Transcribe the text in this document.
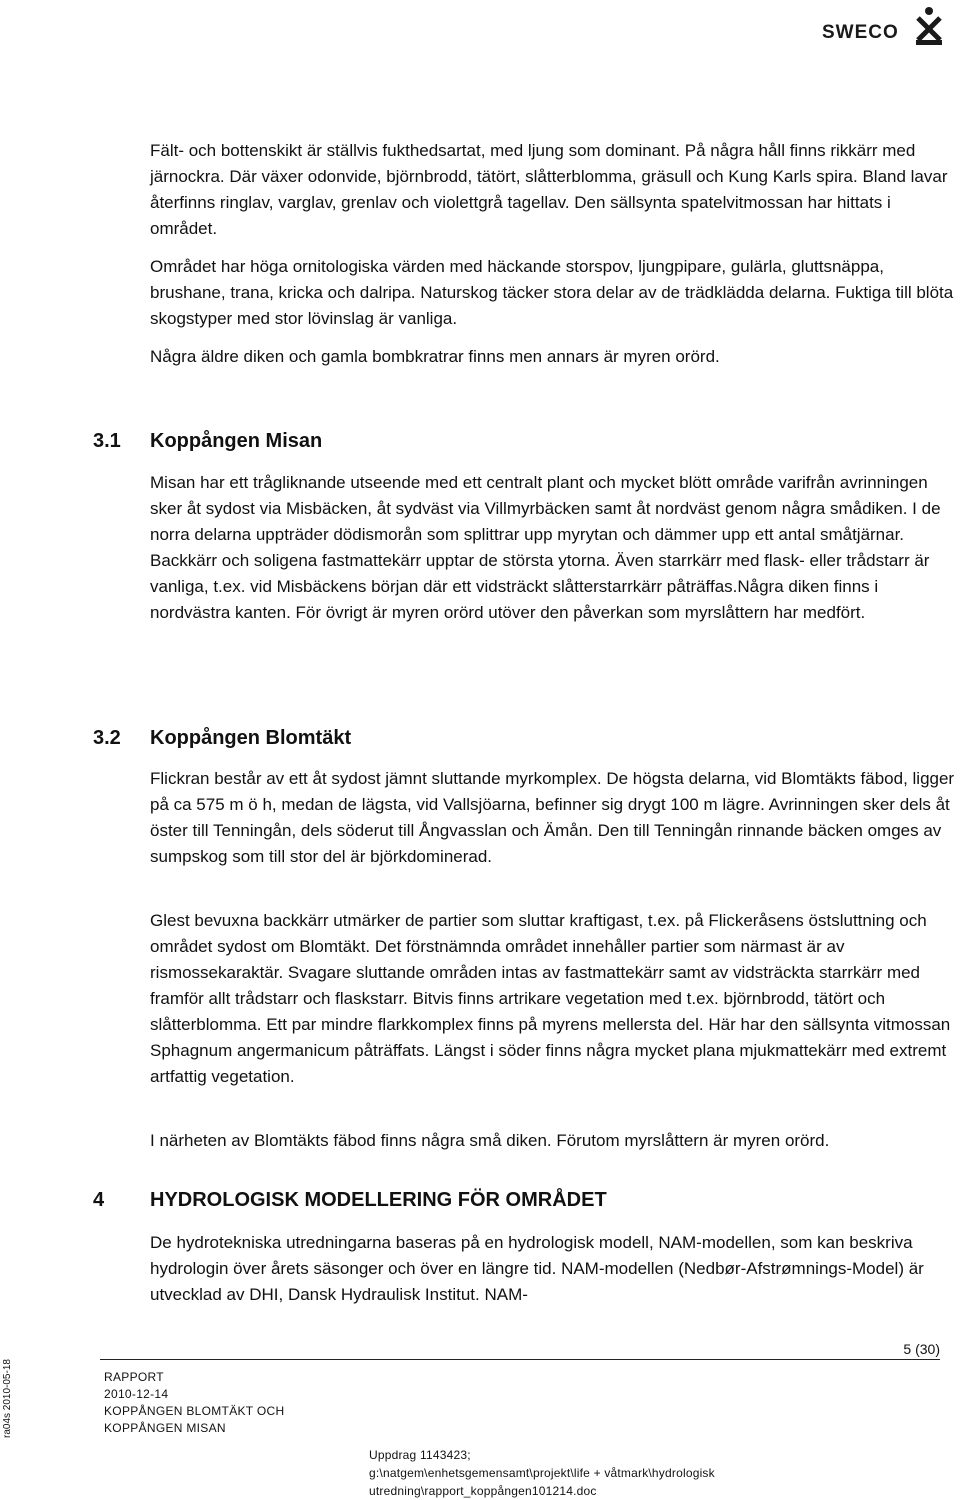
SWECO

Fält- och bottenskikt är ställvis fukthedsartat, med ljung som dominant. På några håll finns rikkärr med järnockra. Där växer odonvide, björnbrodd, tätört, slåtterblomma, gräsull och Kung Karls spira. Bland lavar återfinns ringlav, varglav, grenlav och violettgrå tagellav. Den sällsynta spatelvitmossan har hittats i området.

Området har höga ornitologiska värden med häckande storspov, ljungpipare, gulärla, gluttsnäppa, brushane, trana, kricka och dalripa. Naturskog täcker stora delar av de trädklädda delarna. Fuktiga till blöta skogstyper med stor lövinslag är vanliga.

Några äldre diken och gamla bombkratrar finns men annars är myren orörd.

3.1 Koppången Misan

Misan har ett trågliknande utseende med ett centralt plant och mycket blött område varifrån avrinningen sker åt sydost via Misbäcken, åt sydväst via Villmyrbäcken samt åt nordväst genom några smådiken. I de norra delarna uppträder dödismorån som splittrar upp myrytan och dämmer upp ett antal småtjärnar. Backkärr och soligena fastmattekärr upptar de största ytorna. Även starrkärr med flask- eller trådstarr är vanliga, t.ex. vid Misbäckens början där ett vidsträckt slåtterstarrkärr påträffas.Några diken finns i nordvästra kanten. För övrigt är myren orörd utöver den påverkan som myrslåttern har medfört.

3.2 Koppången Blomtäkt

Flickran består av ett åt sydost jämnt sluttande myrkomplex. De högsta delarna, vid Blomtäkts fäbod, ligger på ca 575 m ö h, medan de lägsta, vid Vallsjöarna, befinner sig drygt 100 m lägre. Avrinningen sker dels åt öster till Tenningån, dels söderut till Ångvasslan och Ämån. Den till Tenningån rinnande bäcken omges av sumpskog som till stor del är björkdominerad.

Glest bevuxna backkärr utmärker de partier som sluttar kraftigast, t.ex. på Flickeråsens östsluttning och området sydost om Blomtäkt. Det förstnämnda området innehåller partier som närmast är av rismossekaraktär. Svagare sluttande områden intas av fastmattekärr samt av vidsträckta starrkärr med framför allt trådstarr och flaskstarr. Bitvis finns artrikare vegetation med t.ex. björnbrodd, tätört och slåtterblomma. Ett par mindre flarkkomplex finns på myrens mellersta del. Här har den sällsynta vitmossan Sphagnum angermanicum påträffats. Längst i söder finns några mycket plana mjukmattekärr med extremt artfattig vegetation.

I närheten av Blomtäkts fäbod finns några små diken. Förutom myrslåttern är myren orörd.

4 HYDROLOGISK MODELLERING FÖR OMRÅDET

De hydrotekniska utredningarna baseras på en hydrologisk modell, NAM-modellen, som kan beskriva hydrologin över årets säsonger och över en längre tid. NAM-modellen (Nedbør-Afstrømnings-Model) är utvecklad av DHI, Dansk Hydraulisk Institut. NAM-

5 (30)
RAPPORT
2010-12-14
KOPPÅNGEN BLOMTÄKT OCH
KOPPÅNGEN MISAN
Uppdrag 1143423;
g:\natgem\enhetsgemensamt\projekt\life + våtmark\hydrologisk
utredning\rapport_koppången101214.doc
ra04s 2010-05-18
